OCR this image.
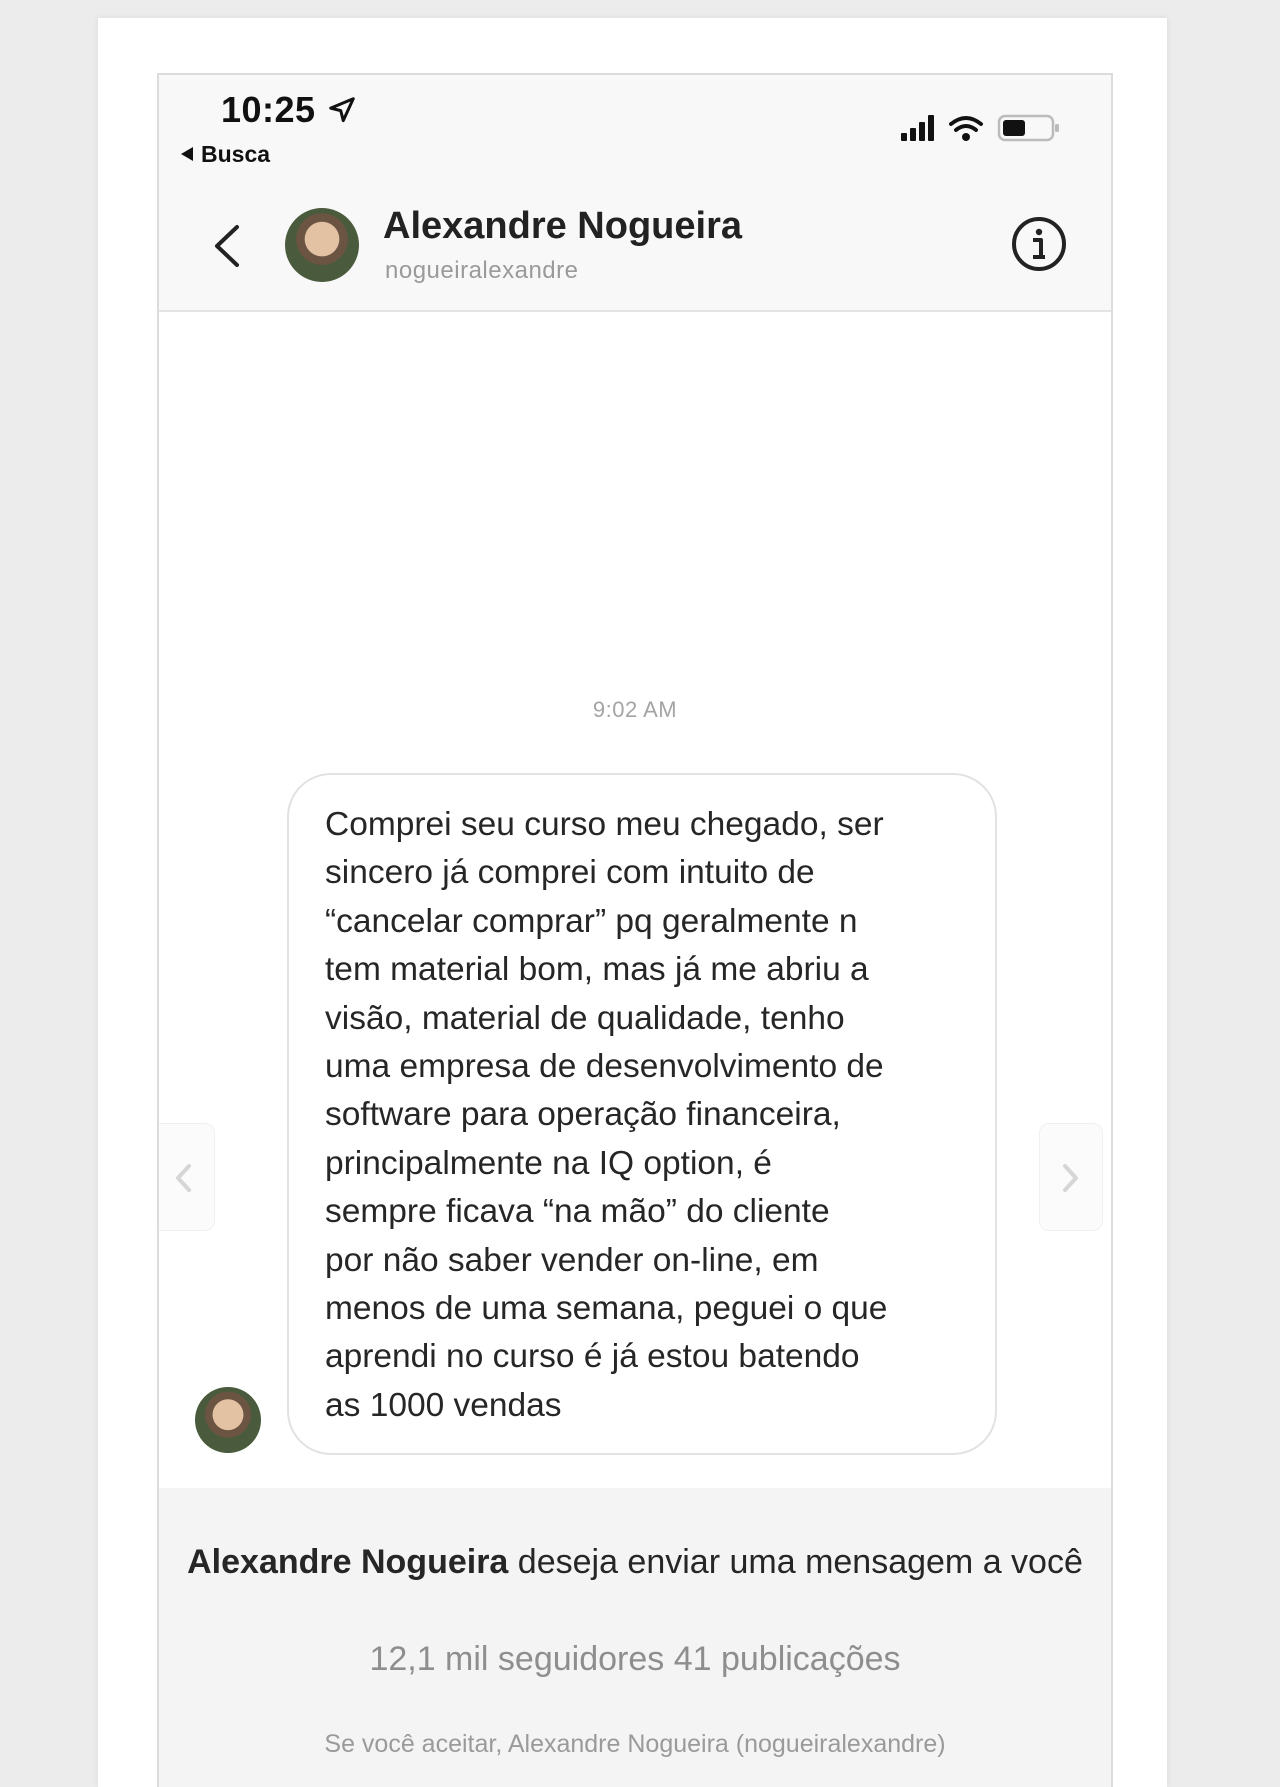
10:25
Busca
Alexandre Nogueira
nogueiralexandre
9:02 AM
Comprei seu curso meu chegado, ser
sincero já comprei com intuito de
“cancelar comprar” pq geralmente n
tem material bom, mas já me abriu a
visão, material de qualidade, tenho
uma empresa de desenvolvimento de
software para operação financeira,
principalmente na IQ option, é
sempre ficava “na mão” do cliente
por não saber vender on-line, em
menos de uma semana, peguei o que
aprendi no curso é já estou batendo
as 1000 vendas
Alexandre Nogueira deseja enviar uma mensagem a você
12,1 mil seguidores 41 publicações
Se você aceitar, Alexandre Nogueira (nogueiralexandre)
